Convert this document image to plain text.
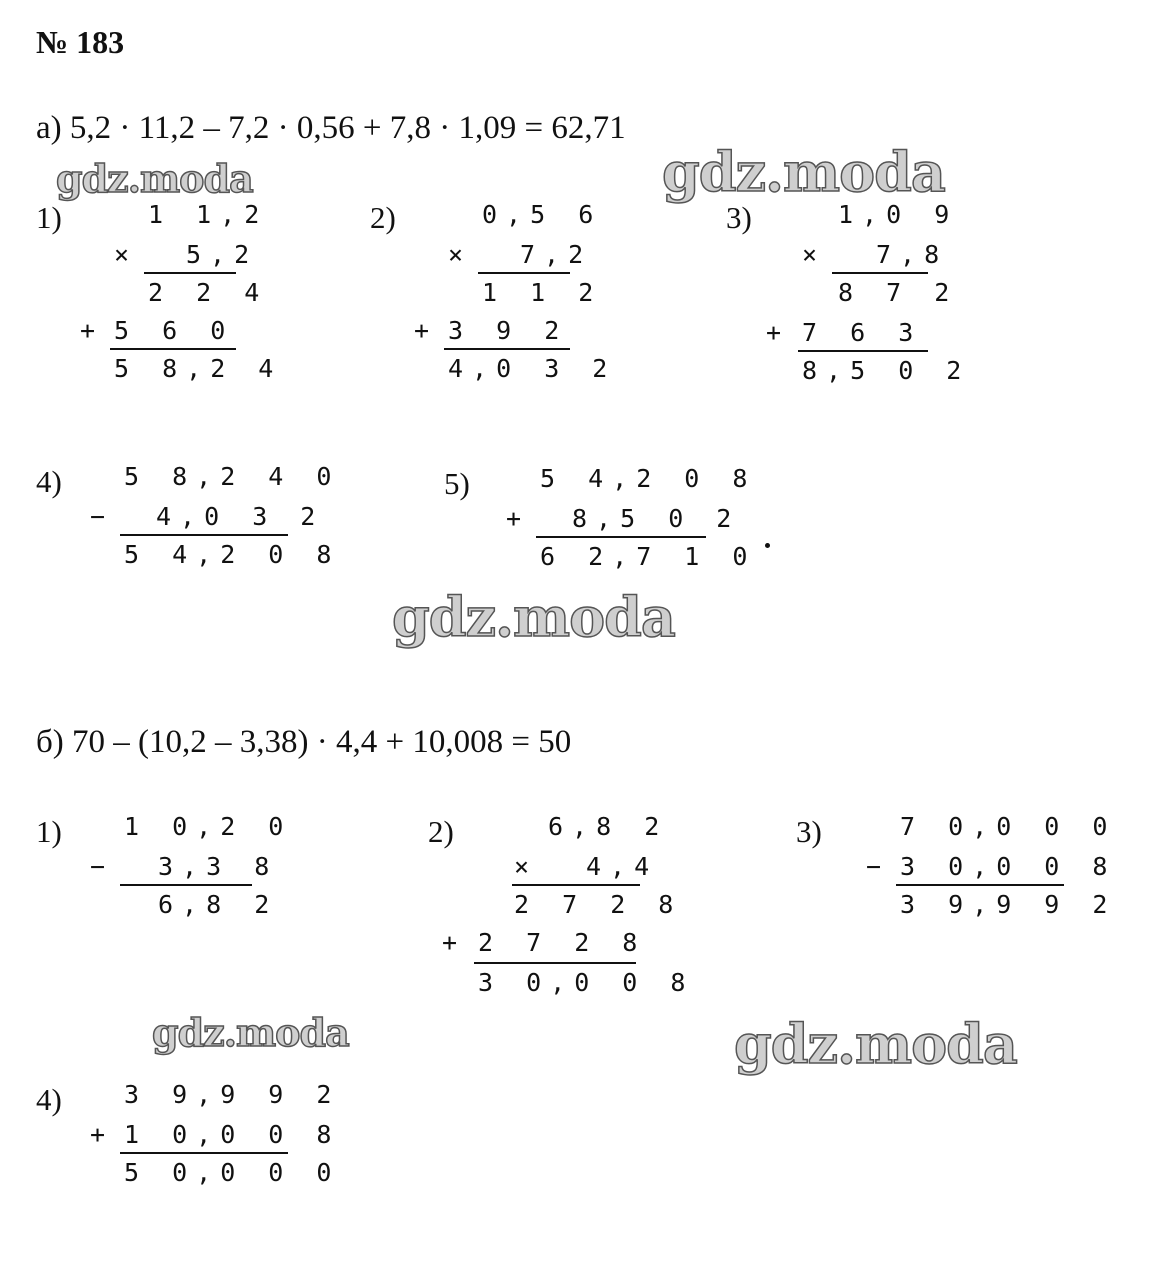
№ 183
gdz.moda	gdz.moda
gdz.moda
gdz.moda	gdz.moda
а) 5,2 · 11,2 – 7,2 · 0,56 + 7,8 · 1,09 = 62,71
1)	1 1,2
× 5,2
2 2 4
+ 5 6 0
5 8,2 4
2)	0,5 6
× 7,2
1 1 2
+ 3 9 2
4,0 3 2
3)	1,0 9
× 7,8
8 7 2
+ 7 6 3
8,5 0 2
4) 5 8,2 4 0
− 4,0 3 2
5 4,2 0 8
5)	5 4,2 0 8
+ 8,5 0 2
6 2,7 1 0
б) 70 – (10,2 – 3,38) · 4,4 + 10,008 = 50
1) 1 0,2 0
− 3,3 8
6,8 2
2)	6,8 2
× 4,4
2 7 2 8
+ 2 7 2 8
3 0,0 0 8
3)	7 0,0 0 0
− 3 0,0 0 8
3 9,9 9 2
4) 3 9,9 9 2
+ 1 0,0 0 8
5 0,0 0 0
